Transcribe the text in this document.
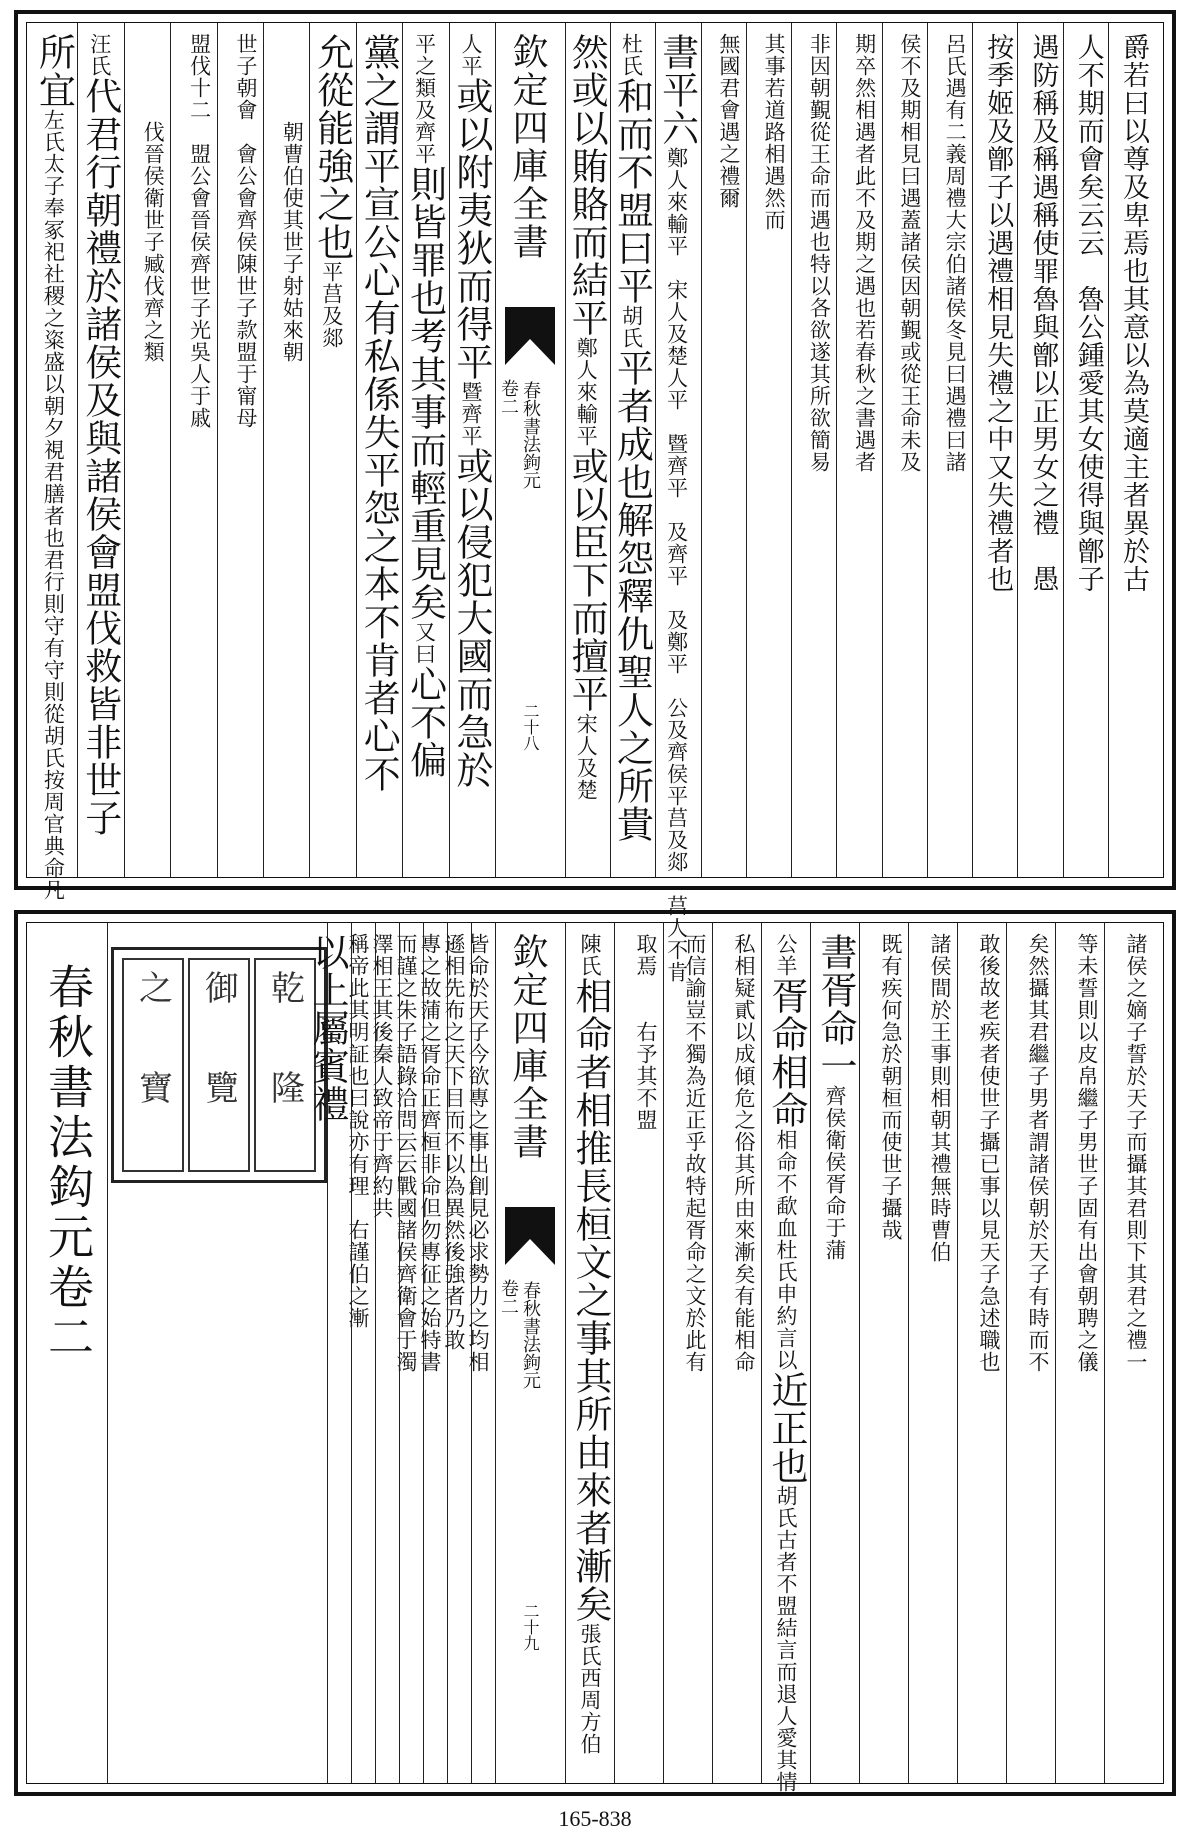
欽定四庫全書
春秋書法鉤元
卷二
二十八
爵若曰以尊及卑焉也其意以為莫適主者異於古
人不期而會矣云云　魯公鍾愛其女使得與鄫子
遇防稱及稱遇稱使罪魯與鄫以正男女之禮　愚
按季姬及鄫子以遇禮相見失禮之中又失禮者也
呂氏遇有二義周禮大宗伯諸侯冬見曰遇禮曰諸
侯不及期相見曰遇蓋諸侯因朝覲或從王命未及
期卒然相遇者此不及期之遇也若春秋之書遇者
非因朝覲從王命而遇也特以各欲遂其所欲簡易
其事若道路相遇然而
無國君會遇之禮爾
書平六鄭人來輸平　宋人及楚人平　暨齊平　及齊平　及鄭平　公及齊侯平莒及郯　莒人不肯
杜氏和而不盟曰平胡氏平者成也解怨釋仇聖人之所貴
然或以賄賂而結平鄭人來輸平或以臣下而擅平宋人及楚
人平或以附夷狄而得平暨齊平或以侵犯大國而急於
平之類及齊平則皆罪也考其事而輕重見矣又曰心不偏
黨之謂平宣公心有私係失平怨之本不肯者心不
允從能強之也平莒及郯
　　　　朝曹伯使其世子射姑來朝
世子朝會　會公會齊侯陳世子款盟于甯母
盟伐十二　盟公會晉侯齊世子光吳人于戚
　　　　伐晉侯衛世子臧伐齊之類
汪氏代君行朝禮於諸侯及與諸侯會盟伐救皆非世子
所宜左氏太子奉冢祀社稷之粢盛以朝夕視君膳者也君行則守有守則從胡氏按周官典命凡
乾
隆
御
覽
之
寶
春秋書法鈎元卷二	欽定四庫全書
春秋書法鉤元
卷二
二十九
諸侯之嫡子誓於天子而攝其君則下其君之禮一
等未誓則以皮帛繼子男世子固有出會朝聘之儀
矣然攝其君繼子男者謂諸侯朝於天子有時而不
敢後故老疾者使世子攝已事以見天子急述職也
諸侯間於王事則相朝其禮無時曹伯
既有疾何急於朝桓而使世子攝哉
書胥命一齊侯衛侯胥命于蒲
公羊胥命相命相命不歃血杜氏申約言以近正也胡氏古者不盟結言而退人愛其情
私相疑貳以成傾危之俗其所由來漸矣有能相命
而信諭豈不獨為近正乎故特起胥命之文於此有
取焉　　右予其不盟
陳氏相命者相推長桓文之事其所由來者漸矣張氏西周方伯
皆命於天子今欲專之事出創見必求勢力之均相
遜相先布之天下目而不以為異然後強者乃敢
專之故蒲之胥命正齊桓非命但勿專征之始特書
而謹之朱子語錄洽問云云戰國諸侯齊衛會于濁
澤相王其後秦人致帝于齊約共
稱帝此其明証也曰說亦有理　右謹伯之漸
以上屬賓禮
165-838
